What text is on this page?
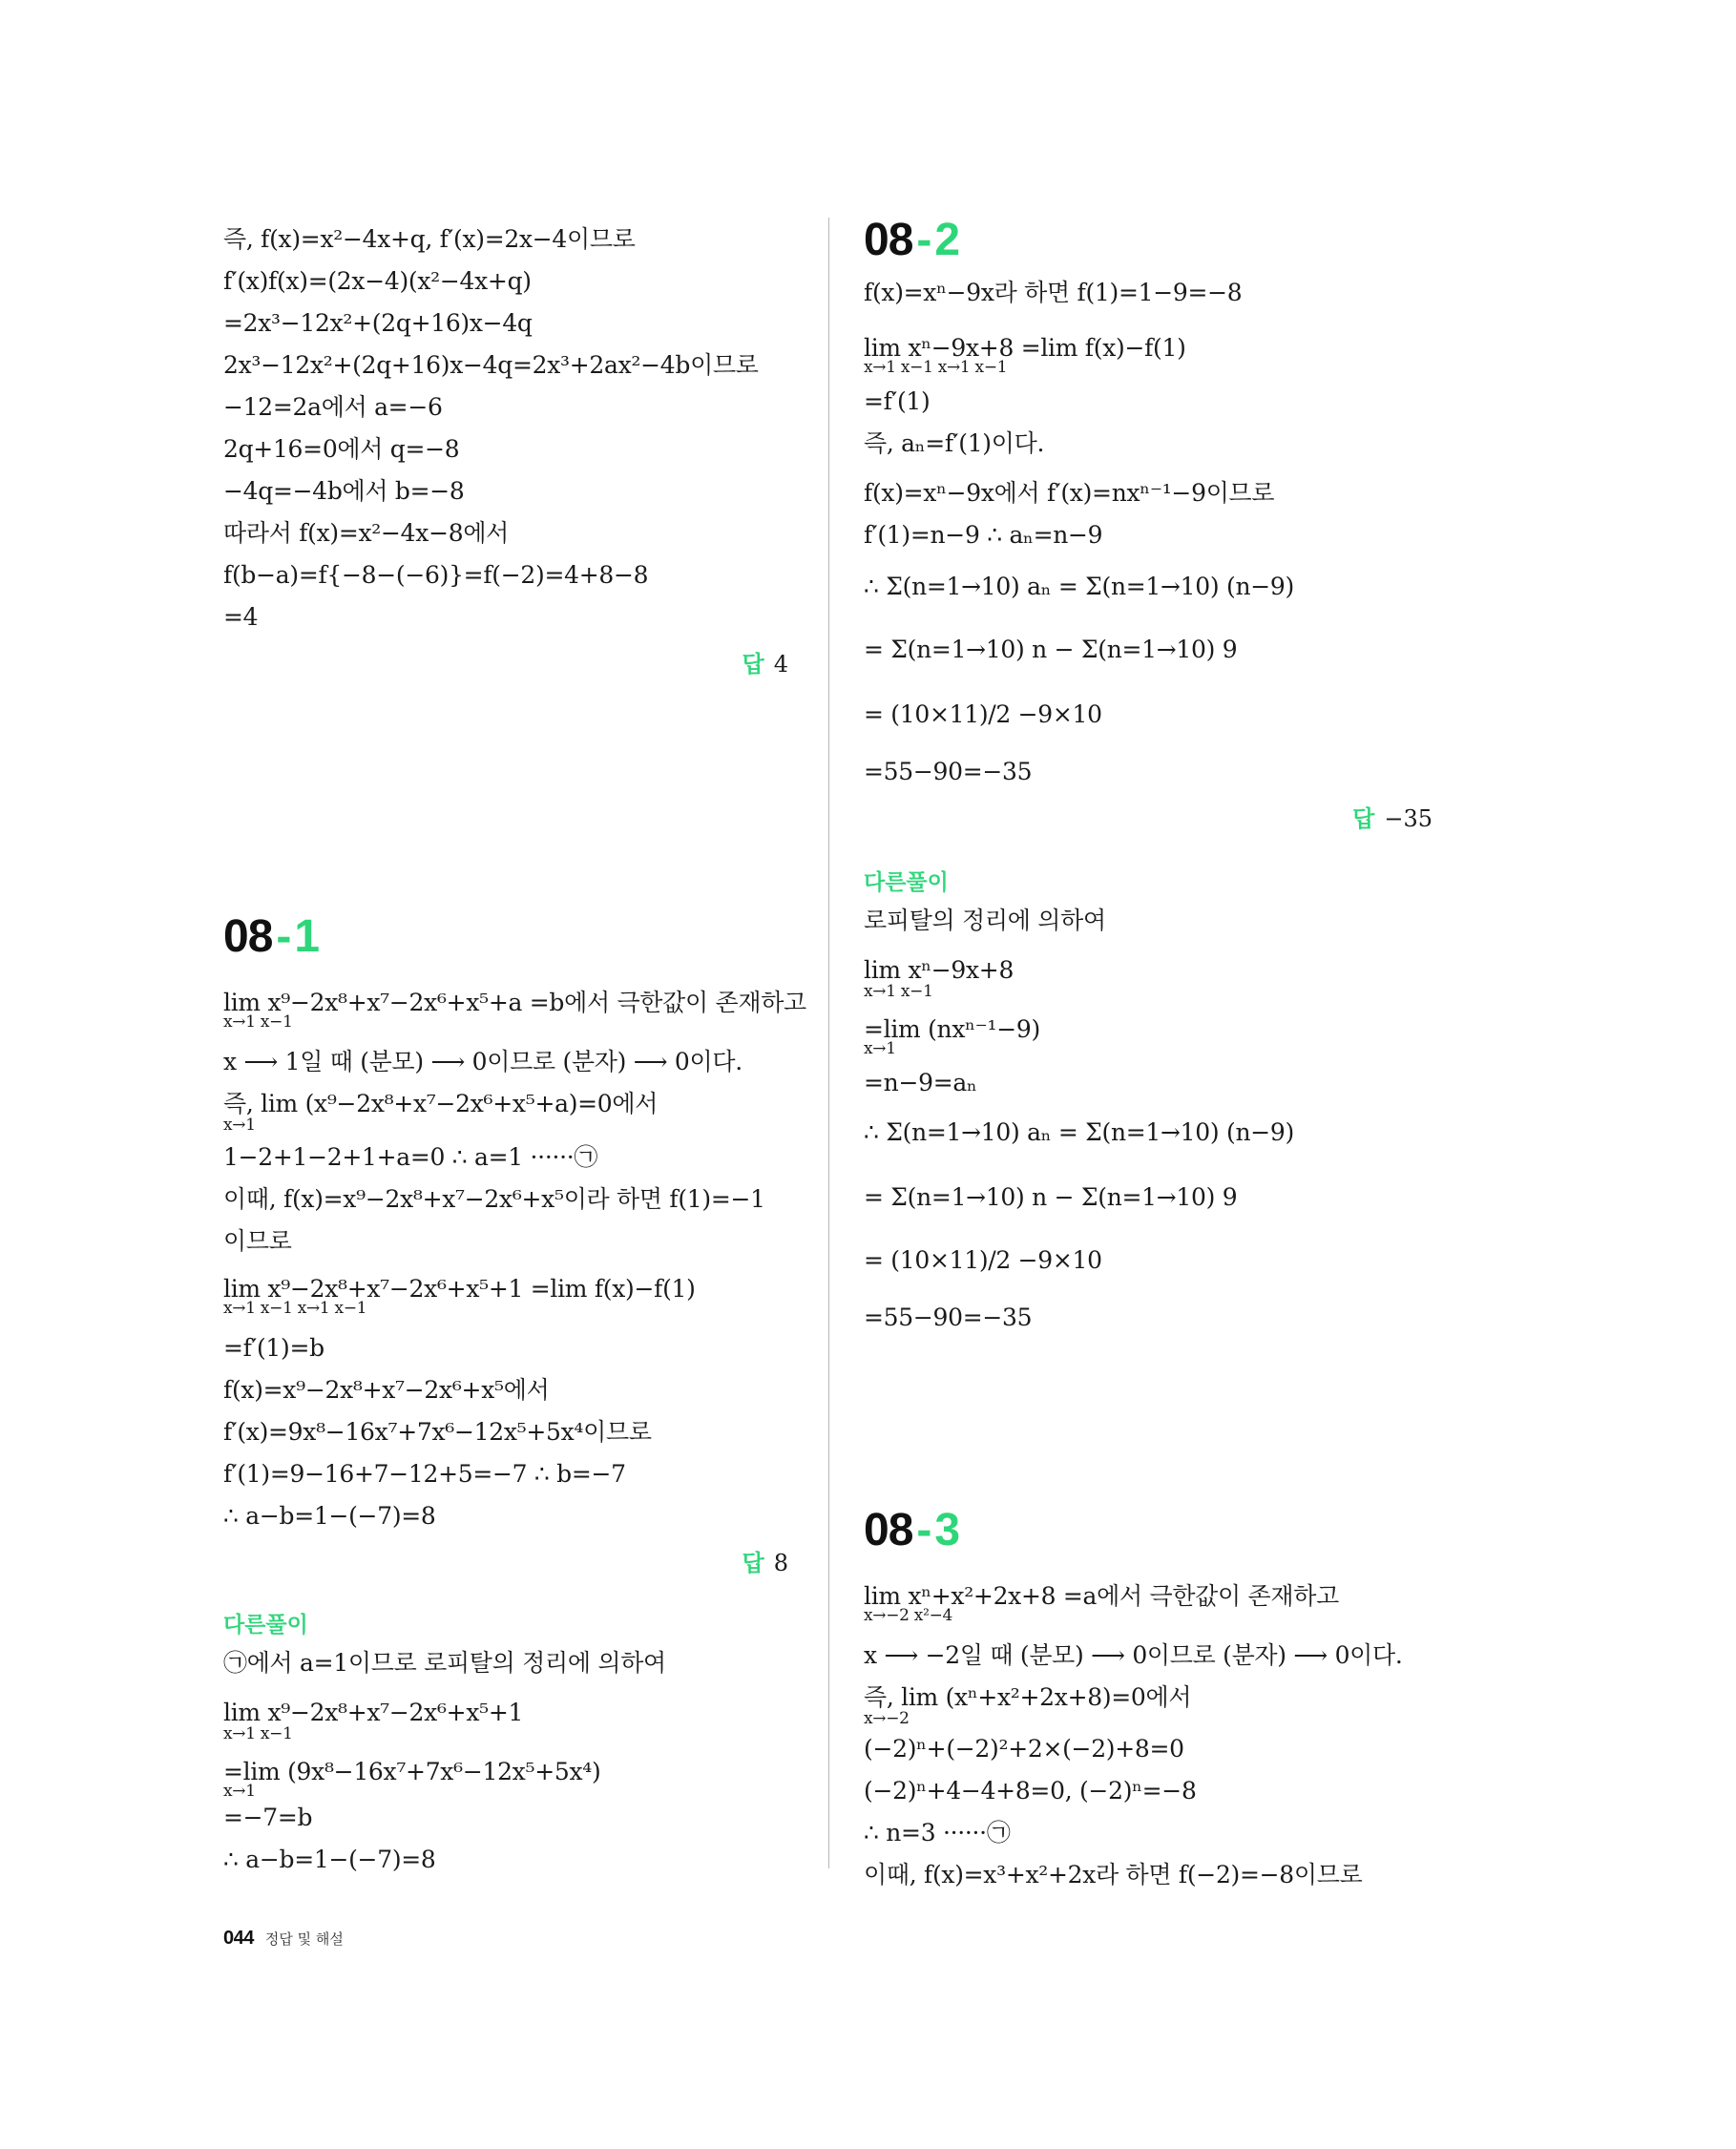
즉, f(x)=x²−4x+q, f′(x)=2x−4이므로
f′(x)f(x)=(2x−4)(x²−4x+q)
=2x³−12x²+(2q+16)x−4q
2x³−12x²+(2q+16)x−4q=2x³+2ax²−4b이므로
−12=2a에서 a=−6
2q+16=0에서 q=−8
−4q=−4b에서 b=−8
따라서 f(x)=x²−4x−8에서
f(b−a)=f{−8−(−6)}=f(−2)=4+8−8
=4
답 4
08-1
lim x⁹−2x⁸+x⁷−2x⁶+x⁵+a =b에서 극한값이 존재하고
x→1 x−1
x ⟶ 1일 때 (분모) ⟶ 0이므로 (분자) ⟶ 0이다.
즉, lim (x⁹−2x⁸+x⁷−2x⁶+x⁵+a)=0에서
x→1
1−2+1−2+1+a=0 ∴ a=1 ······㉠
이때, f(x)=x⁹−2x⁸+x⁷−2x⁶+x⁵이라 하면 f(1)=−1
이므로
lim x⁹−2x⁸+x⁷−2x⁶+x⁵+1 =lim f(x)−f(1)
x→1 x−1 x→1 x−1
=f′(1)=b
f(x)=x⁹−2x⁸+x⁷−2x⁶+x⁵에서
f′(x)=9x⁸−16x⁷+7x⁶−12x⁵+5x⁴이므로
f′(1)=9−16+7−12+5=−7 ∴ b=−7
∴ a−b=1−(−7)=8
답 8
다른풀이
㉠에서 a=1이므로 로피탈의 정리에 의하여
lim x⁹−2x⁸+x⁷−2x⁶+x⁵+1
x→1 x−1
=lim (9x⁸−16x⁷+7x⁶−12x⁵+5x⁴)
x→1
=−7=b
∴ a−b=1−(−7)=8
08-2
f(x)=xⁿ−9x라 하면 f(1)=1−9=−8
lim xⁿ−9x+8 =lim f(x)−f(1)
x→1 x−1 x→1 x−1
=f′(1)
즉, aₙ=f′(1)이다.
f(x)=xⁿ−9x에서 f′(x)=nxⁿ⁻¹−9이므로
f′(1)=n−9 ∴ aₙ=n−9
∴ Σ(n=1→10) aₙ = Σ(n=1→10) (n−9)
= Σ(n=1→10) n − Σ(n=1→10) 9
= (10×11)/2 −9×10
=55−90=−35
답 −35
다른풀이
로피탈의 정리에 의하여
lim xⁿ−9x+8
x→1 x−1
=lim (nxⁿ⁻¹−9)
x→1
=n−9=aₙ
∴ Σ(n=1→10) aₙ = Σ(n=1→10) (n−9)
= Σ(n=1→10) n − Σ(n=1→10) 9
= (10×11)/2 −9×10
=55−90=−35
08-3
lim xⁿ+x²+2x+8 =a에서 극한값이 존재하고
x→−2 x²−4
x ⟶ −2일 때 (분모) ⟶ 0이므로 (분자) ⟶ 0이다.
즉, lim (xⁿ+x²+2x+8)=0에서
x→−2
(−2)ⁿ+(−2)²+2×(−2)+8=0
(−2)ⁿ+4−4+8=0, (−2)ⁿ=−8
∴ n=3 ······㉠
이때, f(x)=x³+x²+2x라 하면 f(−2)=−8이므로
044 정답 및 해설
